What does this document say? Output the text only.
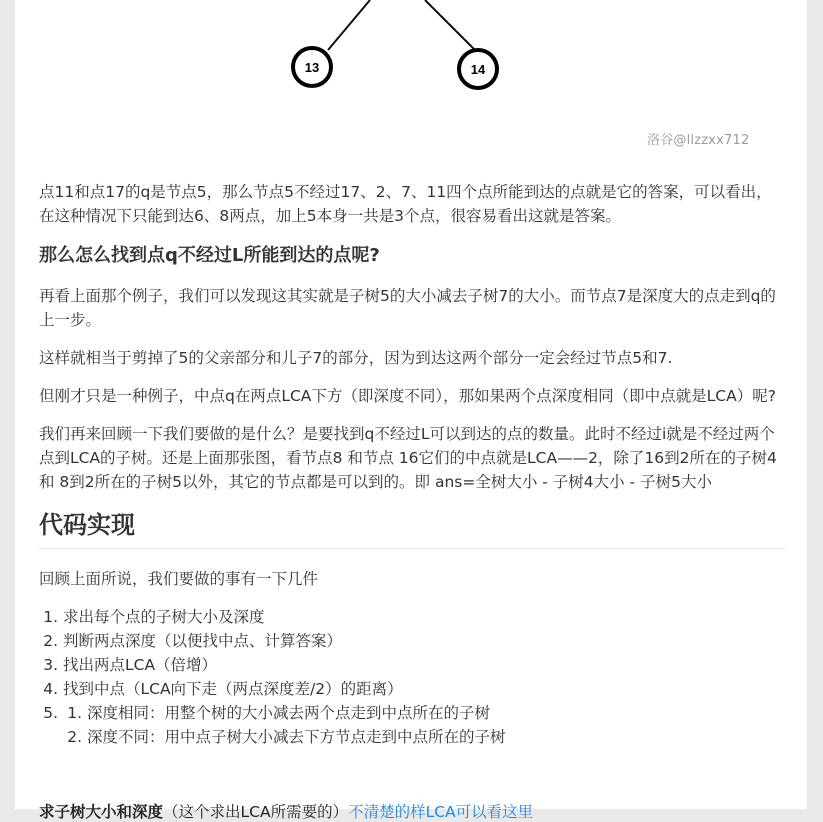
13	14
洛谷@llzzxx712

点11和点17的q是节点5，那么节点5不经过17、2、7、11四个点所能到达的点就是它的答案，可以看出，在这种情况下只能到达6、8两点，加上5本身一共是3个点，很容易看出这就是答案。

那么怎么找到点q不经过L所能到达的点呢?

再看上面那个例子，我们可以发现这其实就是子树5的大小减去子树7的大小。而节点7是深度大的点走到q的上一步。

这样就相当于剪掉了5的父亲部分和儿子7的部分，因为到达这两个部分一定会经过节点5和7.

但刚才只是一种例子，中点q在两点LCA下方（即深度不同），那如果两个点深度相同（即中点就是LCA）呢?

我们再来回顾一下我们要做的是什么？是要找到q不经过L可以到达的点的数量。此时不经过i就是不经过两个点到LCA的子树。还是上面那张图，看节点8 和节点 16它们的中点就是LCA——2，除了16到2所在的子树4 和 8到2所在的子树5以外，其它的节点都是可以到的。即 ans=全树大小 - 子树4大小 - 子树5大小

代码实现

回顾上面所说，我们要做的事有一下几件

1. 求出每个点的子树大小及深度
2. 判断两点深度（以便找中点、计算答案）
3. 找出两点LCA（倍增）
4. 找到中点（LCA向下走（两点深度差/2）的距离）
1. 5. 深度相同：用整个树的大小减去两个点走到中点所在的子树
2. 深度不同：用中点子树大小减去下方节点走到中点所在的子树
求子树大小和深度（这个求出LCA所需要的）不清楚的样LCA可以看这里
